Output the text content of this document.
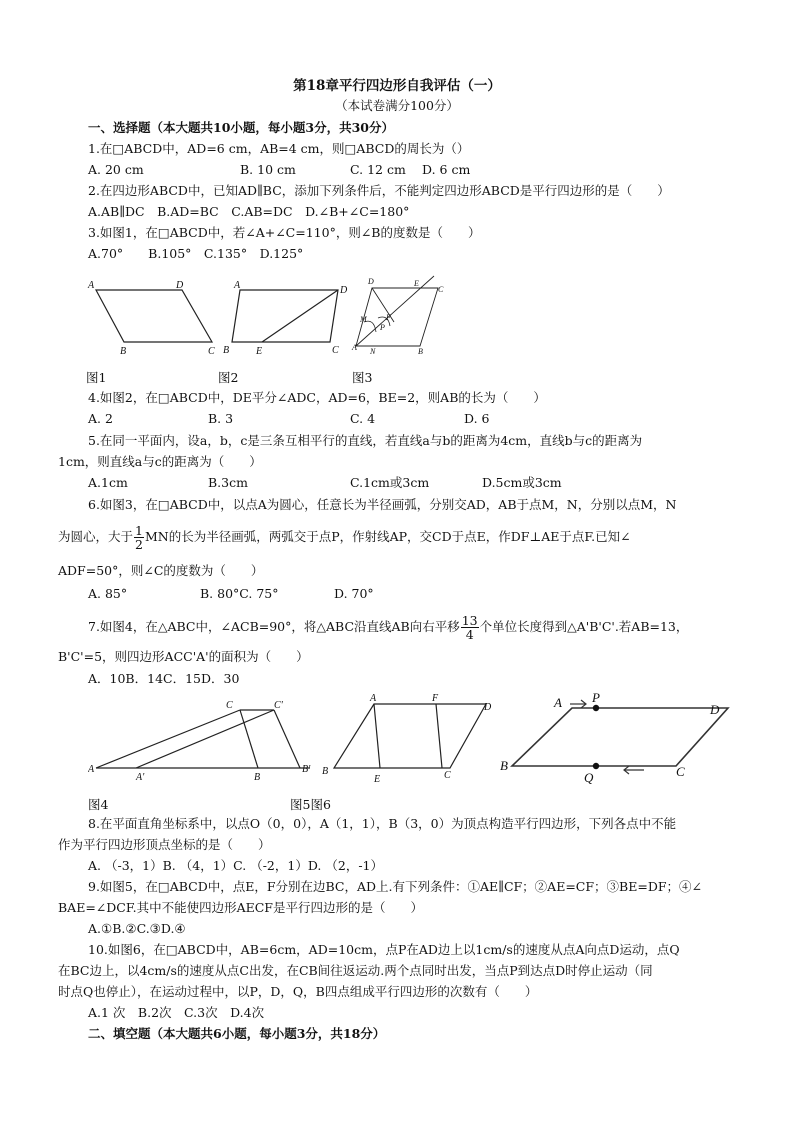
第18章平行四边形自我评估（一）
（本试卷满分100分）
一、选择题（本大题共10小题，每小题3分，共30分）
1.在□ABCD中，AD=6 cm，AB=4 cm，则□ABCD的周长为（）
A. 20 cm	B. 10 cm	C. 12 cm D. 6 cm
2.在四边形ABCD中，已知AD∥BC，添加下列条件后，不能判定四边形ABCD是平行四边形的是（　　）
A.AB∥DC　B.AD=BC　C.AB=DC　D.∠B+∠C=180°
3.如图1，在□ABCD中，若∠A+∠C=110°，则∠B的度数是（　　）
A.70°　　B.105°　C.135°　D.125°
A	D
B	C
A	D
B	E	C
D	E
C
M F
P
A N	B
图1	图2	图3
4.如图2，在□ABCD中，DE平分∠ADC，AD=6，BE=2，则AB的长为（　　）
A. 2	B. 3	C. 4	D. 6
5.在同一平面内，设a，b，c是三条互相平行的直线，若直线a与b的距离为4cm，直线b与c的距离为
1cm，则直线a与c的距离为（　　）
A.1cm	B.3cm	C.1cm或3cm	D.5cm或3cm
6.如图3，在□ABCD中，以点A为圆心，任意长为半径画弧，分别交AD，AB于点M，N，分别以点M，N
为圆心，大于 $\frac{1}{2}$ MN的长为半径画弧，两弧交于点P，作射线AP，交CD于点E，作DF⊥AE于点F.已知∠
ADF=50°，则∠C的度数为（　　）
A. 85°	B. 80°C. 75°	D. 70°
7.如图4，在△ABC中，∠ACB=90°，将△ABC沿直线AB向右平移 $\frac{13}{4}$ 个单位长度得到△A'B'C'.若AB=13，
B'C'=5，则四边形ACC'A'的面积为（　　）
A．10B．14C．15D．30
C	C'
A
A'	B
B'
A	F
D
B
E	C
A P
D
B
Q	C
图4	图5图6
8.在平面直角坐标系中，以点O（0，0），A（1，1），B（3，0）为顶点构造平行四边形，下列各点中不能
作为平行四边形顶点坐标的是（　　）
A. （-3，1）B. （4，1）C. （-2，1）D. （2，-1）
9.如图5，在□ABCD中，点E，F分别在边BC，AD上.有下列条件：①AE∥CF；②AE=CF；③BE=DF；④∠
BAE=∠DCF.其中不能使四边形AECF是平行四边形的是（　　）
A.①B.②C.③D.④
10.如图6，在□ABCD中，AB=6cm，AD=10cm，点P在AD边上以1cm/s的速度从点A向点D运动，点Q
在BC边上，以4cm/s的速度从点C出发，在CB间往返运动.两个点同时出发，当点P到达点D时停止运动（同
时点Q也停止），在运动过程中，以P，D，Q，B四点组成平行四边形的次数有（　　）
A.1 次　B.2次　C.3次　D.4次
二、填空题（本大题共6小题，每小题3分，共18分）
